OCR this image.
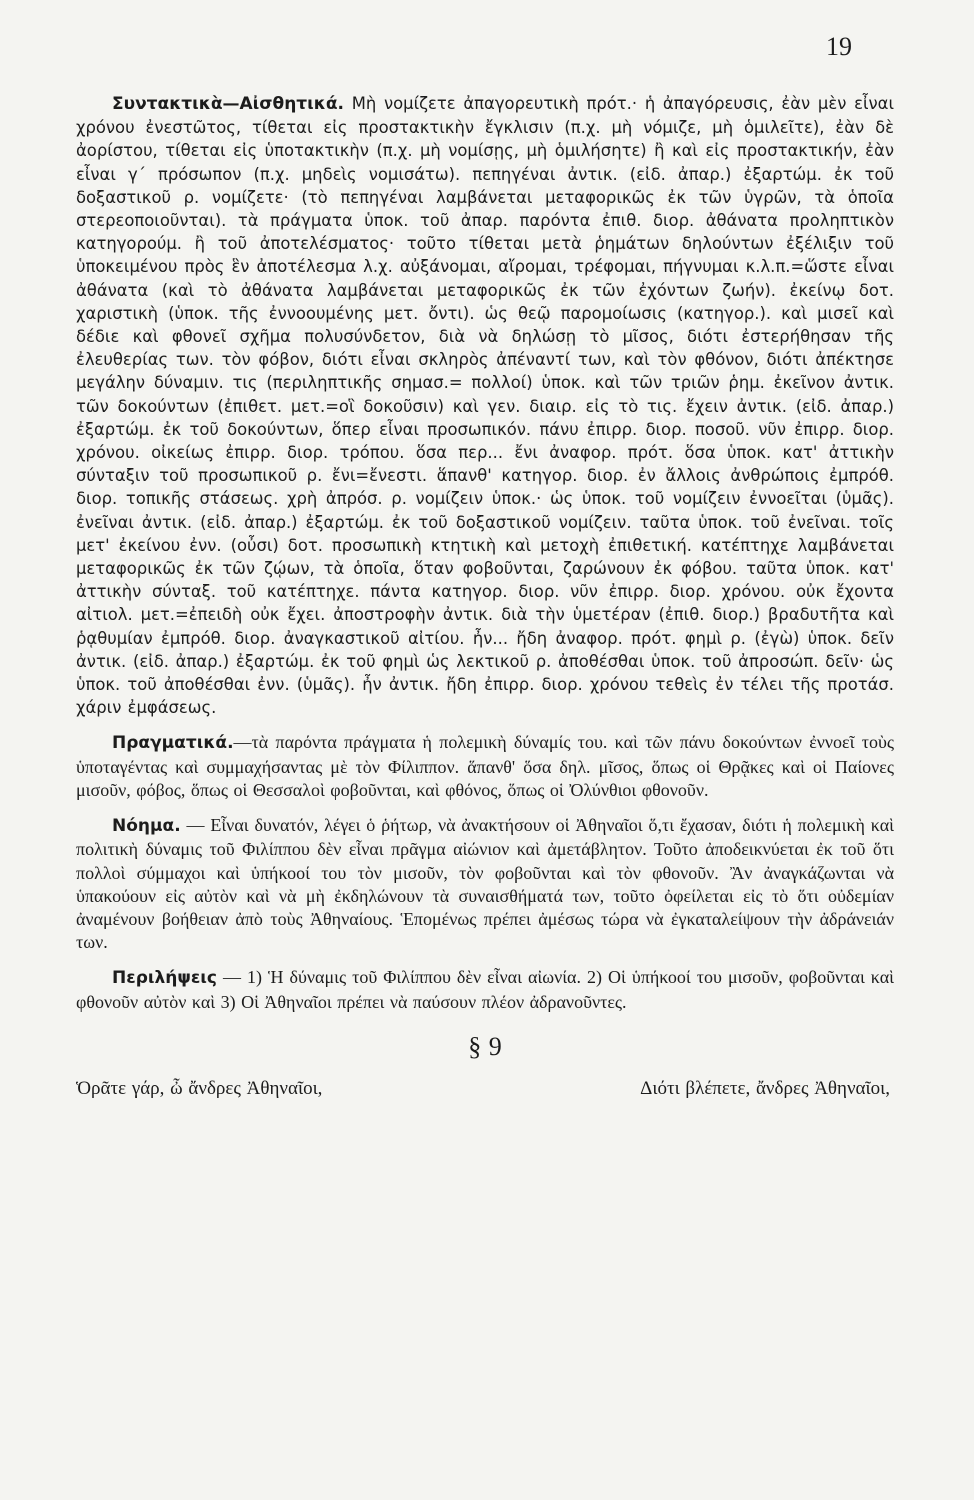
19

Συντακτικὰ—Αἰσθητικά. Μὴ νομίζετε ἀπαγορευτικὴ πρότ.· ἡ ἀπαγόρευσις, ἐὰν μὲν εἶναι χρόνου ἐνεστῶτος, τίθεται εἰς προστακτικὴν ἔγκλισιν (π.χ. μὴ νόμιζε, μὴ ὁμιλεῖτε), ἐὰν δὲ ἀορίστου, τίθεται εἰς ὑποτακτικὴν (π.χ. μὴ νομίσῃς, μὴ ὁμιλήσητε) ἢ καὶ εἰς προστακτικήν, ἐὰν εἶναι γ΄ πρόσωπον (π.χ. μηδεὶς νομισάτω). πεπηγέναι ἀντικ. (εἰδ. ἀπαρ.) ἐξαρτώμ. ἐκ τοῦ δοξαστικοῦ ρ. νομίζετε· (τὸ πεπηγέναι λαμβάνεται μεταφορικῶς ἐκ τῶν ὑγρῶν, τὰ ὁποῖα στερεοποιοῦνται). τὰ πράγματα ὑποκ. τοῦ ἀπαρ. παρόντα ἐπιθ. διορ. ἀθάνατα προληπτικὸν κατηγορούμ. ἢ τοῦ ἀποτελέσματος· τοῦτο τίθεται μετὰ ῥημάτων δηλούντων ἐξέλιξιν τοῦ ὑποκειμένου πρὸς ἓν ἀποτέλεσμα λ.χ. αὐξάνομαι, αἴρομαι, τρέφομαι, πήγνυμαι κ.λ.π.=ὥστε εἶναι ἀθάνατα (καὶ τὸ ἀθάνατα λαμβάνεται μεταφορικῶς ἐκ τῶν ἐχόντων ζωήν). ἐκείνῳ δοτ. χαριστικὴ (ὑποκ. τῆς ἐννοουμένης μετ. ὄντι). ὡς θεῷ παρομοίωσις (κατηγορ.). καὶ μισεῖ καὶ δέδιε καὶ φθονεῖ σχῆμα πολυσύνδετον, διὰ νὰ δηλώσῃ τὸ μῖσος, διότι ἐστερήθησαν τῆς ἐλευθερίας των. τὸν φόβον, διότι εἶναι σκληρὸς ἀπέναντί των, καὶ τὸν φθόνον, διότι ἀπέκτησε μεγάλην δύναμιν. τις (περιληπτικῆς σημασ.= πολλοί) ὑποκ. καὶ τῶν τριῶν ῥημ. ἐκεῖνον ἀντικ. τῶν δοκούντων (ἐπιθετ. μετ.=οἳ δοκοῦσιν) καὶ γεν. διαιρ. εἰς τὸ τις. ἔχειν ἀντικ. (εἰδ. ἀπαρ.) ἐξαρτώμ. ἐκ τοῦ δοκούντων, ὅπερ εἶναι προσωπικόν. πάνυ ἐπιρρ. διορ. ποσοῦ. νῦν ἐπιρρ. διορ. χρόνου. οἰκείως ἐπιρρ. διορ. τρόπου. ὅσα περ... ἔνι ἀναφορ. πρότ. ὅσα ὑποκ. κατ' ἀττικὴν σύνταξιν τοῦ προσωπικοῦ ρ. ἔνι=ἔνεστι. ἅπανθ' κατηγορ. διορ. ἐν ἄλλοις ἀνθρώποις ἐμπρόθ. διορ. τοπικῆς στάσεως. χρὴ ἀπρόσ. ρ. νομίζειν ὑποκ.· ὡς ὑποκ. τοῦ νομίζειν ἐννοεῖται (ὑμᾶς). ἐνεῖναι ἀντικ. (εἰδ. ἀπαρ.) ἐξαρτώμ. ἐκ τοῦ δοξαστικοῦ νομίζειν. ταῦτα ὑποκ. τοῦ ἐνεῖναι. τοῖς μετ' ἐκείνου ἐνν. (οὖσι) δοτ. προσωπικὴ κτητικὴ καὶ μετοχὴ ἐπιθετική. κατέπτηχε λαμβάνεται μεταφορικῶς ἐκ τῶν ζῴων, τὰ ὁποῖα, ὅταν φοβοῦνται, ζαρώνουν ἐκ φόβου. ταῦτα ὑποκ. κατ' ἀττικὴν σύνταξ. τοῦ κατέπτηχε. πάντα κατηγορ. διορ. νῦν ἐπιρρ. διορ. χρόνου. οὐκ ἔχοντα αἰτιολ. μετ.=ἐπειδὴ οὐκ ἔχει. ἀποστροφὴν ἀντικ. διὰ τὴν ὑμετέραν (ἐπιθ. διορ.) βραδυτῆτα καὶ ῥᾳθυμίαν ἐμπρόθ. διορ. ἀναγκαστικοῦ αἰτίου. ἦν... ἤδη ἀναφορ. πρότ. φημὶ ρ. (ἐγὼ) ὑποκ. δεῖν ἀντικ. (εἰδ. ἀπαρ.) ἐξαρτώμ. ἐκ τοῦ φημὶ ὡς λεκτικοῦ ρ. ἀποθέσθαι ὑποκ. τοῦ ἀπροσώπ. δεῖν· ὡς ὑποκ. τοῦ ἀποθέσθαι ἐνν. (ὑμᾶς). ἦν ἀντικ. ἤδη ἐπιρρ. διορ. χρόνου τεθεὶς ἐν τέλει τῆς προτάσ. χάριν ἐμφάσεως.

Πραγματικά.—τὰ παρόντα πράγματα ἡ πολεμικὴ δύναμίς του. καὶ τῶν πάνυ δοκούντων ἐννοεῖ τοὺς ὑποταγέντας καὶ συμμαχήσαντας μὲ τὸν Φίλιππον. ἅπανθ' ὅσα δηλ. μῖσος, ὅπως οἱ Θρᾷκες καὶ οἱ Παίονες μισοῦν, φόβος, ὅπως οἱ Θεσσαλοὶ φοβοῦνται, καὶ φθόνος, ὅπως οἱ Ὀλύνθιοι φθονοῦν.

Νόημα. — Εἶναι δυνατόν, λέγει ὁ ῥήτωρ, νὰ ἀνακτήσουν οἱ Ἀθηναῖοι ὅ,τι ἔχασαν, διότι ἡ πολεμικὴ καὶ πολιτικὴ δύναμις τοῦ Φιλίππου δὲν εἶναι πρᾶγμα αἰώνιον καὶ ἀμετάβλητον. Τοῦτο ἀποδεικνύεται ἐκ τοῦ ὅτι πολλοὶ σύμμαχοι καὶ ὑπήκοοί του τὸν μισοῦν, τὸν φοβοῦνται καὶ τὸν φθονοῦν. Ἂν ἀναγκάζωνται νὰ ὑπακούουν εἰς αὐτὸν καὶ νὰ μὴ ἐκδηλώνουν τὰ συναισθήματά των, τοῦτο ὀφείλεται εἰς τὸ ὅτι οὐδεμίαν ἀναμένουν βοήθειαν ἀπὸ τοὺς Ἀθηναίους. Ἑπομένως πρέπει ἀμέσως τώρα νὰ ἐγκαταλείψουν τὴν ἀδράνειάν των.

Περιλήψεις — 1) Ἡ δύναμις τοῦ Φιλίππου δὲν εἶναι αἰωνία. 2) Οἱ ὑπήκοοί του μισοῦν, φοβοῦνται καὶ φθονοῦν αὐτὸν καὶ 3) Οἱ Ἀθηναῖοι πρέπει νὰ παύσουν πλέον ἀδρανοῦντες.

§ 9
Ὁρᾶτε γάρ, ὦ ἄνδρες Ἀθηναῖοι,	Διότι βλέπετε, ἄνδρες Ἀθηναῖοι,
